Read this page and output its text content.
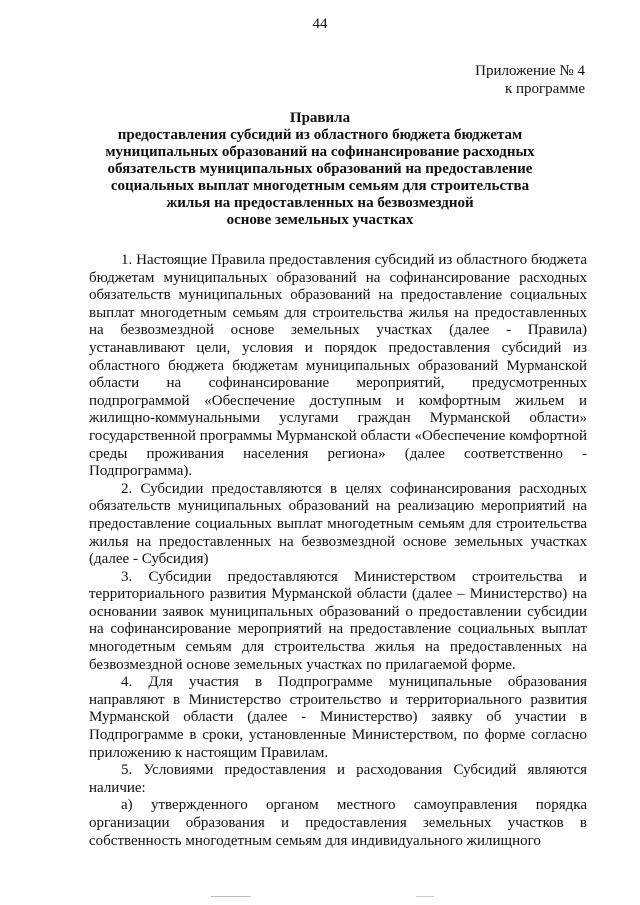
44
Приложение № 4
к программе
Правила
предоставления субсидий из областного бюджета бюджетам
муниципальных образований на софинансирование расходных
обязательств муниципальных образований на предоставление
социальных выплат многодетным семьям для строительства
жилья на предоставленных на безвозмездной
основе земельных участках

1. Настоящие Правила предоставления субсидий из областного бюджета бюджетам муниципальных образований на софинансирование расходных обязательств муниципальных образований на предоставление социальных выплат многодетным семьям для строительства жилья на предоставленных на безвозмездной основе земельных участках (далее - Правила) устанавливают цели, условия и порядок предоставления субсидий из областного бюджета бюджетам муниципальных образований Мурманской области на софинансирование мероприятий, предусмотренных подпрограммой «Обеспечение доступным и комфортным жильем и жилищно-коммунальными услугами граждан Мурманской области» государственной программы Мурманской области «Обеспечение комфортной среды проживания населения региона» (далее соответственно - Подпрограмма).

2. Субсидии предоставляются в целях софинансирования расходных обязательств муниципальных образований на реализацию мероприятий на предоставление социальных выплат многодетным семьям для строительства жилья на предоставленных на безвозмездной основе земельных участках (далее - Субсидия)

3. Субсидии предоставляются Министерством строительства и территориального развития Мурманской области (далее – Министерство) на основании заявок муниципальных образований о предоставлении субсидии на софинансирование мероприятий на предоставление социальных выплат многодетным семьям для строительства жилья на предоставленных на безвозмездной основе земельных участках по прилагаемой форме.

4. Для участия в Подпрограмме муниципальные образования направляют в Министерство строительство и территориального развития Мурманской области (далее - Министерство) заявку об участии в Подпрограмме в сроки, установленные Министерством, по форме согласно приложению к настоящим Правилам.

5. Условиями предоставления и расходования Субсидий являются наличие:

а) утвержденного органом местного самоуправления порядка организации образования и предоставления земельных участков в собственность многодетным семьям для индивидуального жилищного
